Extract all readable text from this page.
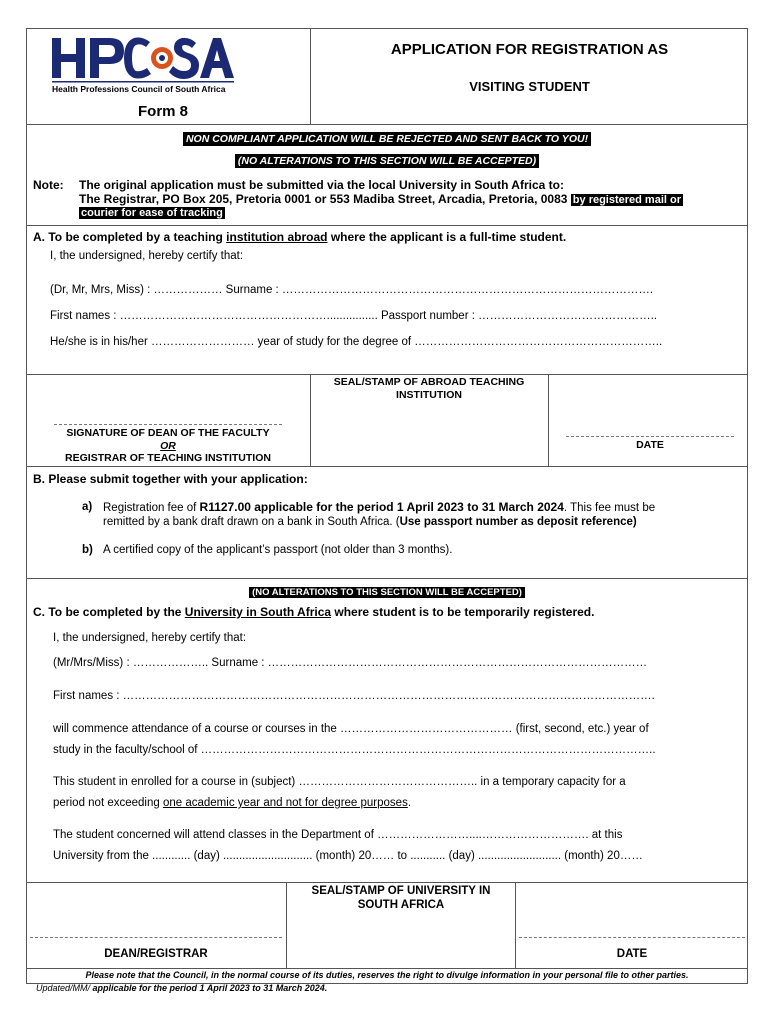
Health Professions Council of South Africa
Form 8
APPLICATION FOR REGISTRATION AS
VISITING STUDENT
NON COMPLIANT APPLICATION WILL BE REJECTED AND SENT BACK TO YOU!
(NO ALTERATIONS TO THIS SECTION WILL BE ACCEPTED)
Note: The original application must be submitted via the local University in South Africa to:
The Registrar, PO Box 205, Pretoria 0001 or 553 Madiba Street, Arcadia, Pretoria, 0083 by registered mail or
courier for ease of tracking
A. To be completed by a teaching institution abroad where the applicant is a full-time student.
I, the undersigned, hereby certify that:
(Dr, Mr, Mrs, Miss) : ……………… Surname : …………………………………………………………………………………….
First names : ………………………………………………................ Passport number : ………………………………………..
He/she is in his/her ……………………… year of study for the degree of ………………………………………………………..
SEAL/STAMP OF ABROAD TEACHING INSTITUTION
SIGNATURE OF DEAN OF THE FACULTY
OR
REGISTRAR OF TEACHING INSTITUTION
DATE
B. Please submit together with your application:
a) Registration fee of R1127.00 applicable for the period 1 April 2023 to 31 March 2024. This fee must be
remitted by a bank draft drawn on a bank in South Africa. (Use passport number as deposit reference)
b) A certified copy of the applicant’s passport (not older than 3 months).
(NO ALTERATIONS TO THIS SECTION WILL BE ACCEPTED)
C. To be completed by the University in South Africa where student is to be temporarily registered.
I, the undersigned, hereby certify that:
(Mr/Mrs/Miss) : ……………….. Surname : ………………………………………………………………………………………
First names : ………………………………………………………………………………………………………………………….
will commence attendance of a course or courses in the ……………………………………… (first, second, etc.) year of
study in the faculty/school of ………………………………………………………………………………………………………..
This student in enrolled for a course in (subject) ……………………………………….. in a temporary capacity for a
period not exceeding one academic year and not for degree purposes.
The student concerned will attend classes in the Department of ……………………....………………………. at this
University from the ............ (day) ............................ (month) 20…… to ........... (day) .......................... (month) 20……
SEAL/STAMP OF UNIVERSITY IN SOUTH AFRICA
DEAN/REGISTRAR	DATE
Please note that the Council, in the normal course of its duties, reserves the right to divulge information in your personal file to other parties.
Updated/MM/ applicable for the period 1 April 2023 to 31 March 2024.
